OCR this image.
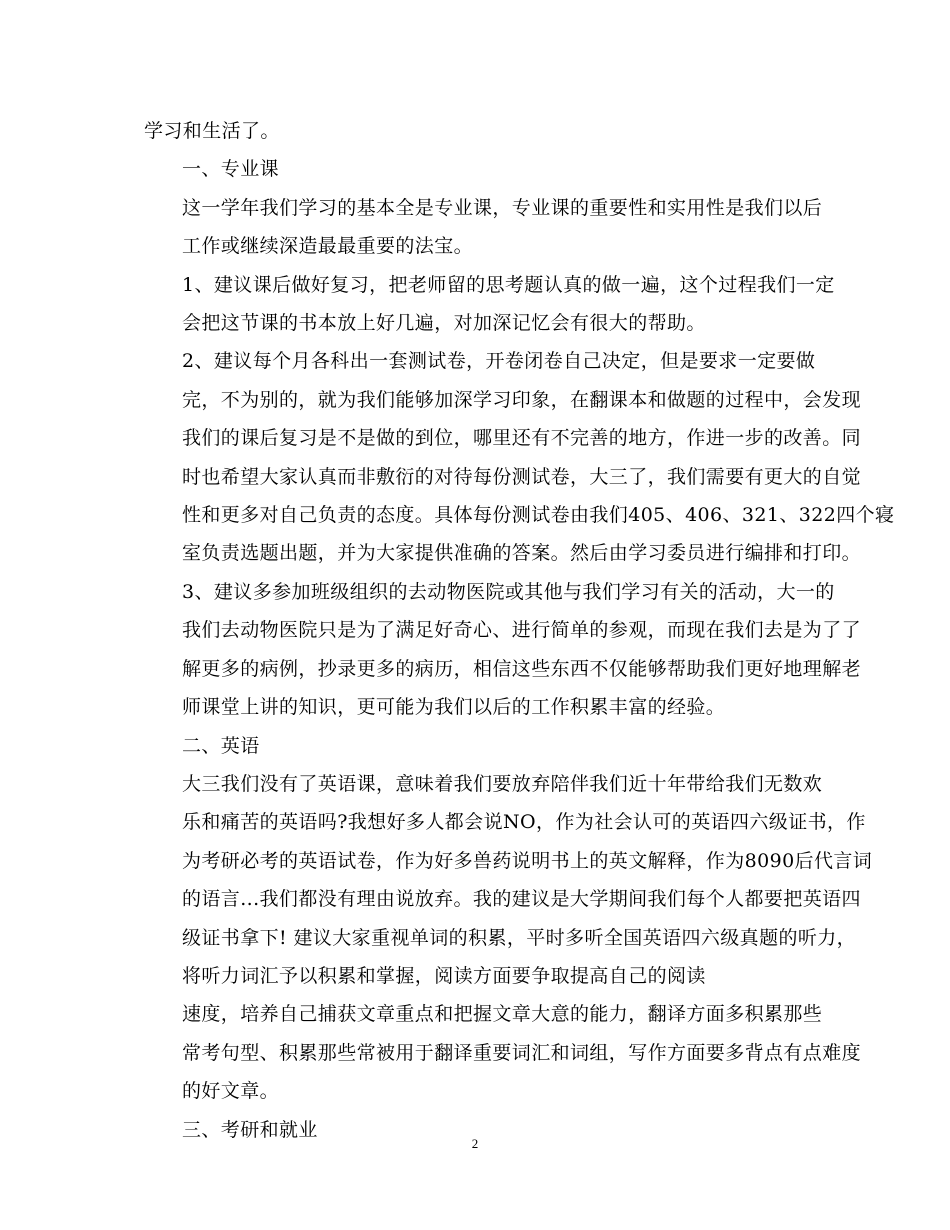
学习和生活了。

一、专业课

这一学年我们学习的基本全是专业课，专业课的重要性和实用性是我们以后
工作或继续深造最最重要的法宝。

1、建议课后做好复习，把老师留的思考题认真的做一遍，这个过程我们一定
会把这节课的书本放上好几遍，对加深记忆会有很大的帮助。

2、建议每个月各科出一套测试卷，开卷闭卷自己决定，但是要求一定要做
完，不为别的，就为我们能够加深学习印象，在翻课本和做题的过程中，会发现
我们的课后复习是不是做的到位，哪里还有不完善的地方，作进一步的改善。同
时也希望大家认真而非敷衍的对待每份测试卷，大三了，我们需要有更大的自觉
性和更多对自己负责的态度。具体每份测试卷由我们405、406、321、322四个寝
室负责选题出题，并为大家提供准确的答案。然后由学习委员进行编排和打印。

3、建议多参加班级组织的去动物医院或其他与我们学习有关的活动，大一的
我们去动物医院只是为了满足好奇心、进行简单的参观，而现在我们去是为了了
解更多的病例，抄录更多的病历，相信这些东西不仅能够帮助我们更好地理解老
师课堂上讲的知识，更可能为我们以后的工作积累丰富的经验。

二、英语

大三我们没有了英语课，意味着我们要放弃陪伴我们近十年带给我们无数欢
乐和痛苦的英语吗?我想好多人都会说NO，作为社会认可的英语四六级证书，作
为考研必考的英语试卷，作为好多兽药说明书上的英文解释，作为8090后代言词
的语言...我们都没有理由说放弃。我的建议是大学期间我们每个人都要把英语四
级证书拿下! 建议大家重视单词的积累，平时多听全国英语四六级真题的听力，
将听力词汇予以积累和掌握，阅读方面要争取提高自己的阅读

速度，培养自己捕获文章重点和把握文章大意的能力，翻译方面多积累那些
常考句型、积累那些常被用于翻译重要词汇和词组，写作方面要多背点有点难度
的好文章。

三、考研和就业

2
